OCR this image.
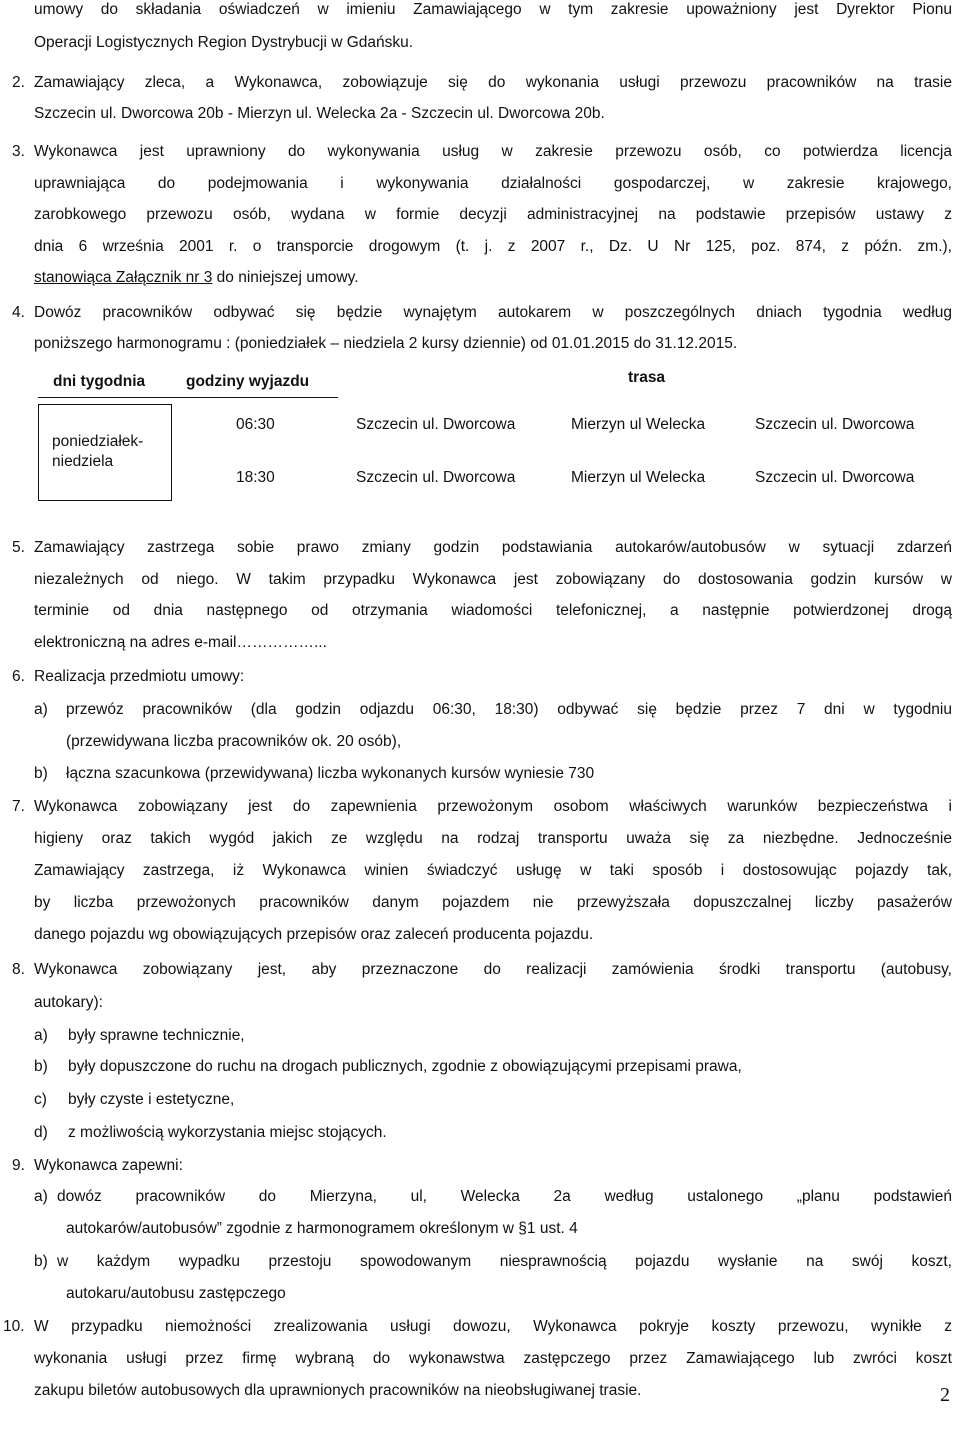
umowy do składania oświadczeń w imieniu Zamawiającego w tym zakresie upoważniony jest Dyrektor Pionu
Operacji Logistycznych Region Dystrybucji w Gdańsku.
2. Zamawiający zleca, a Wykonawca, zobowiązuje się do wykonania usługi przewozu pracowników na trasie
Szczecin ul. Dworcowa 20b - Mierzyn ul. Welecka 2a - Szczecin ul. Dworcowa 20b.
3. Wykonawca jest uprawniony do wykonywania usług w zakresie przewozu osób, co potwierdza licencja
uprawniająca do podejmowania i wykonywania działalności gospodarczej, w zakresie krajowego,
zarobkowego przewozu osób, wydana w formie decyzji administracyjnej na podstawie przepisów ustawy z
dnia 6 września 2001 r. o transporcie drogowym (t. j. z 2007 r., Dz. U Nr 125, poz. 874, z późn. zm.),
stanowiąca Załącznik nr 3 do niniejszej umowy.
4. Dowóz pracowników odbywać się będzie wynajętym autokarem w poszczególnych dniach tygodnia według
poniższego harmonogramu : (poniedziałek – niedziela 2 kursy dziennie) od 01.01.2015 do 31.12.2015.
dni tygodnia	godziny wyjazdu	trasa
poniedziałek-
niedziela
06:30	Szczecin ul. Dworcowa	Mierzyn ul Welecka	Szczecin ul. Dworcowa
18:30	Szczecin ul. Dworcowa	Mierzyn ul Welecka	Szczecin ul. Dworcowa
5. Zamawiający zastrzega sobie prawo zmiany godzin podstawiania autokarów/autobusów w sytuacji zdarzeń
niezależnych od niego. W takim przypadku Wykonawca jest zobowiązany do dostosowania godzin kursów w
terminie od dnia następnego od otrzymania wiadomości telefonicznej, a następnie potwierdzonej drogą
elektroniczną na adres e-mail……………...
6. Realizacja przedmiotu umowy:
a) przewóz pracowników (dla godzin odjazdu 06:30, 18:30) odbywać się będzie przez 7 dni w tygodniu
(przewidywana liczba pracowników ok. 20 osób),
b) łączna szacunkowa (przewidywana) liczba wykonanych kursów wyniesie 730
7. Wykonawca zobowiązany jest do zapewnienia przewożonym osobom właściwych warunków bezpieczeństwa i
higieny oraz takich wygód jakich ze względu na rodzaj transportu uważa się za niezbędne. Jednocześnie
Zamawiający zastrzega, iż Wykonawca winien świadczyć usługę w taki sposób i dostosowując pojazdy tak,
by liczba przewożonych pracowników danym pojazdem nie przewyższała dopuszczalnej liczby pasażerów
danego pojazdu wg obowiązujących przepisów oraz zaleceń producenta pojazdu.
8. Wykonawca zobowiązany jest, aby przeznaczone do realizacji zamówienia środki transportu (autobusy,
autokary):
a) były sprawne technicznie,
b) były dopuszczone do ruchu na drogach publicznych, zgodnie z obowiązującymi przepisami prawa,
c) były czyste i estetyczne,
d) z możliwością wykorzystania miejsc stojących.
9. Wykonawca zapewni:
a) dowóz pracowników do Mierzyna, ul, Welecka 2a według ustalonego „planu podstawień
autokarów/autobusów” zgodnie z harmonogramem określonym w §1 ust. 4
b) w każdym wypadku przestoju spowodowanym niesprawnością pojazdu wysłanie na swój koszt,
autokaru/autobusu zastępczego
10. W przypadku niemożności zrealizowania usługi dowozu, Wykonawca pokryje koszty przewozu, wynikłe z
wykonania usługi przez firmę wybraną do wykonawstwa zastępczego przez Zamawiającego lub zwróci koszt
zakupu biletów autobusowych dla uprawnionych pracowników na nieobsługiwanej trasie.	2
